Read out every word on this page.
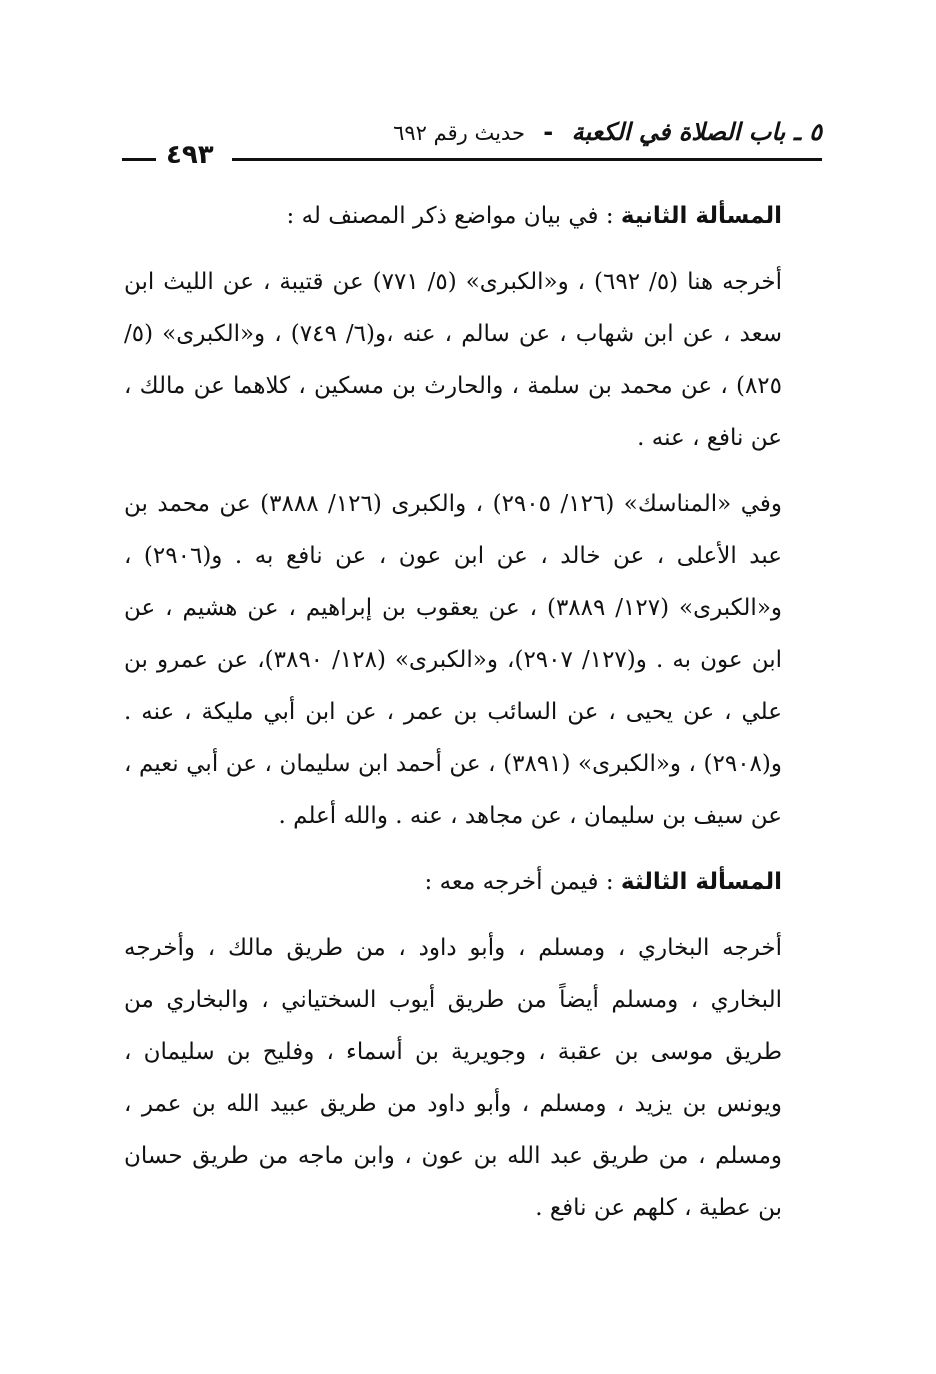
٥ ـ باب الصلاة في الكعبة - حديث رقم ٦٩٢
٤٩٣

المسألة الثانية : في بيان مواضع ذكر المصنف له :

أخرجه هنا (٥/ ٦٩٢) ، و«الكبرى» (٥/ ٧٧١) عن قتيبة ، عن الليث ابن سعد ، عن ابن شهاب ، عن سالم ، عنه ،و(٦/ ٧٤٩) ، و«الكبرى» (٥/ ٨٢٥) ، عن محمد بن سلمة ، والحارث بن مسكين ، كلاهما عن مالك ، عن نافع ، عنه .

وفي «المناسك» (١٢٦/ ٢٩٠٥) ، والكبرى (١٢٦/ ٣٨٨٨) عن محمد بن عبد الأعلى ، عن خالد ، عن ابن عون ، عن نافع به . و(٢٩٠٦) ، و«الكبرى» (١٢٧/ ٣٨٨٩) ، عن يعقوب بن إبراهيم ، عن هشيم ، عن ابن عون به . و(١٢٧/ ٢٩٠٧)، و«الكبرى» (١٢٨/ ٣٨٩٠)، عن عمرو بن علي ، عن يحيى ، عن السائب بن عمر ، عن ابن أبي مليكة ، عنه . و(٢٩٠٨) ، و«الكبرى» (٣٨٩١) ، عن أحمد ابن سليمان ، عن أبي نعيم ، عن سيف بن سليمان ، عن مجاهد ، عنه . والله أعلم .

المسألة الثالثة : فيمن أخرجه معه :

أخرجه البخاري ، ومسلم ، وأبو داود ، من طريق مالك ، وأخرجه البخاري ، ومسلم أيضاً من طريق أيوب السختياني ، والبخاري من طريق موسى بن عقبة ، وجويرية بن أسماء ، وفليح بن سليمان ، ويونس بن يزيد ، ومسلم ، وأبو داود من طريق عبيد الله بن عمر ، ومسلم ، من طريق عبد الله بن عون ، وابن ماجه من طريق حسان بن عطية ، كلهم عن نافع .
